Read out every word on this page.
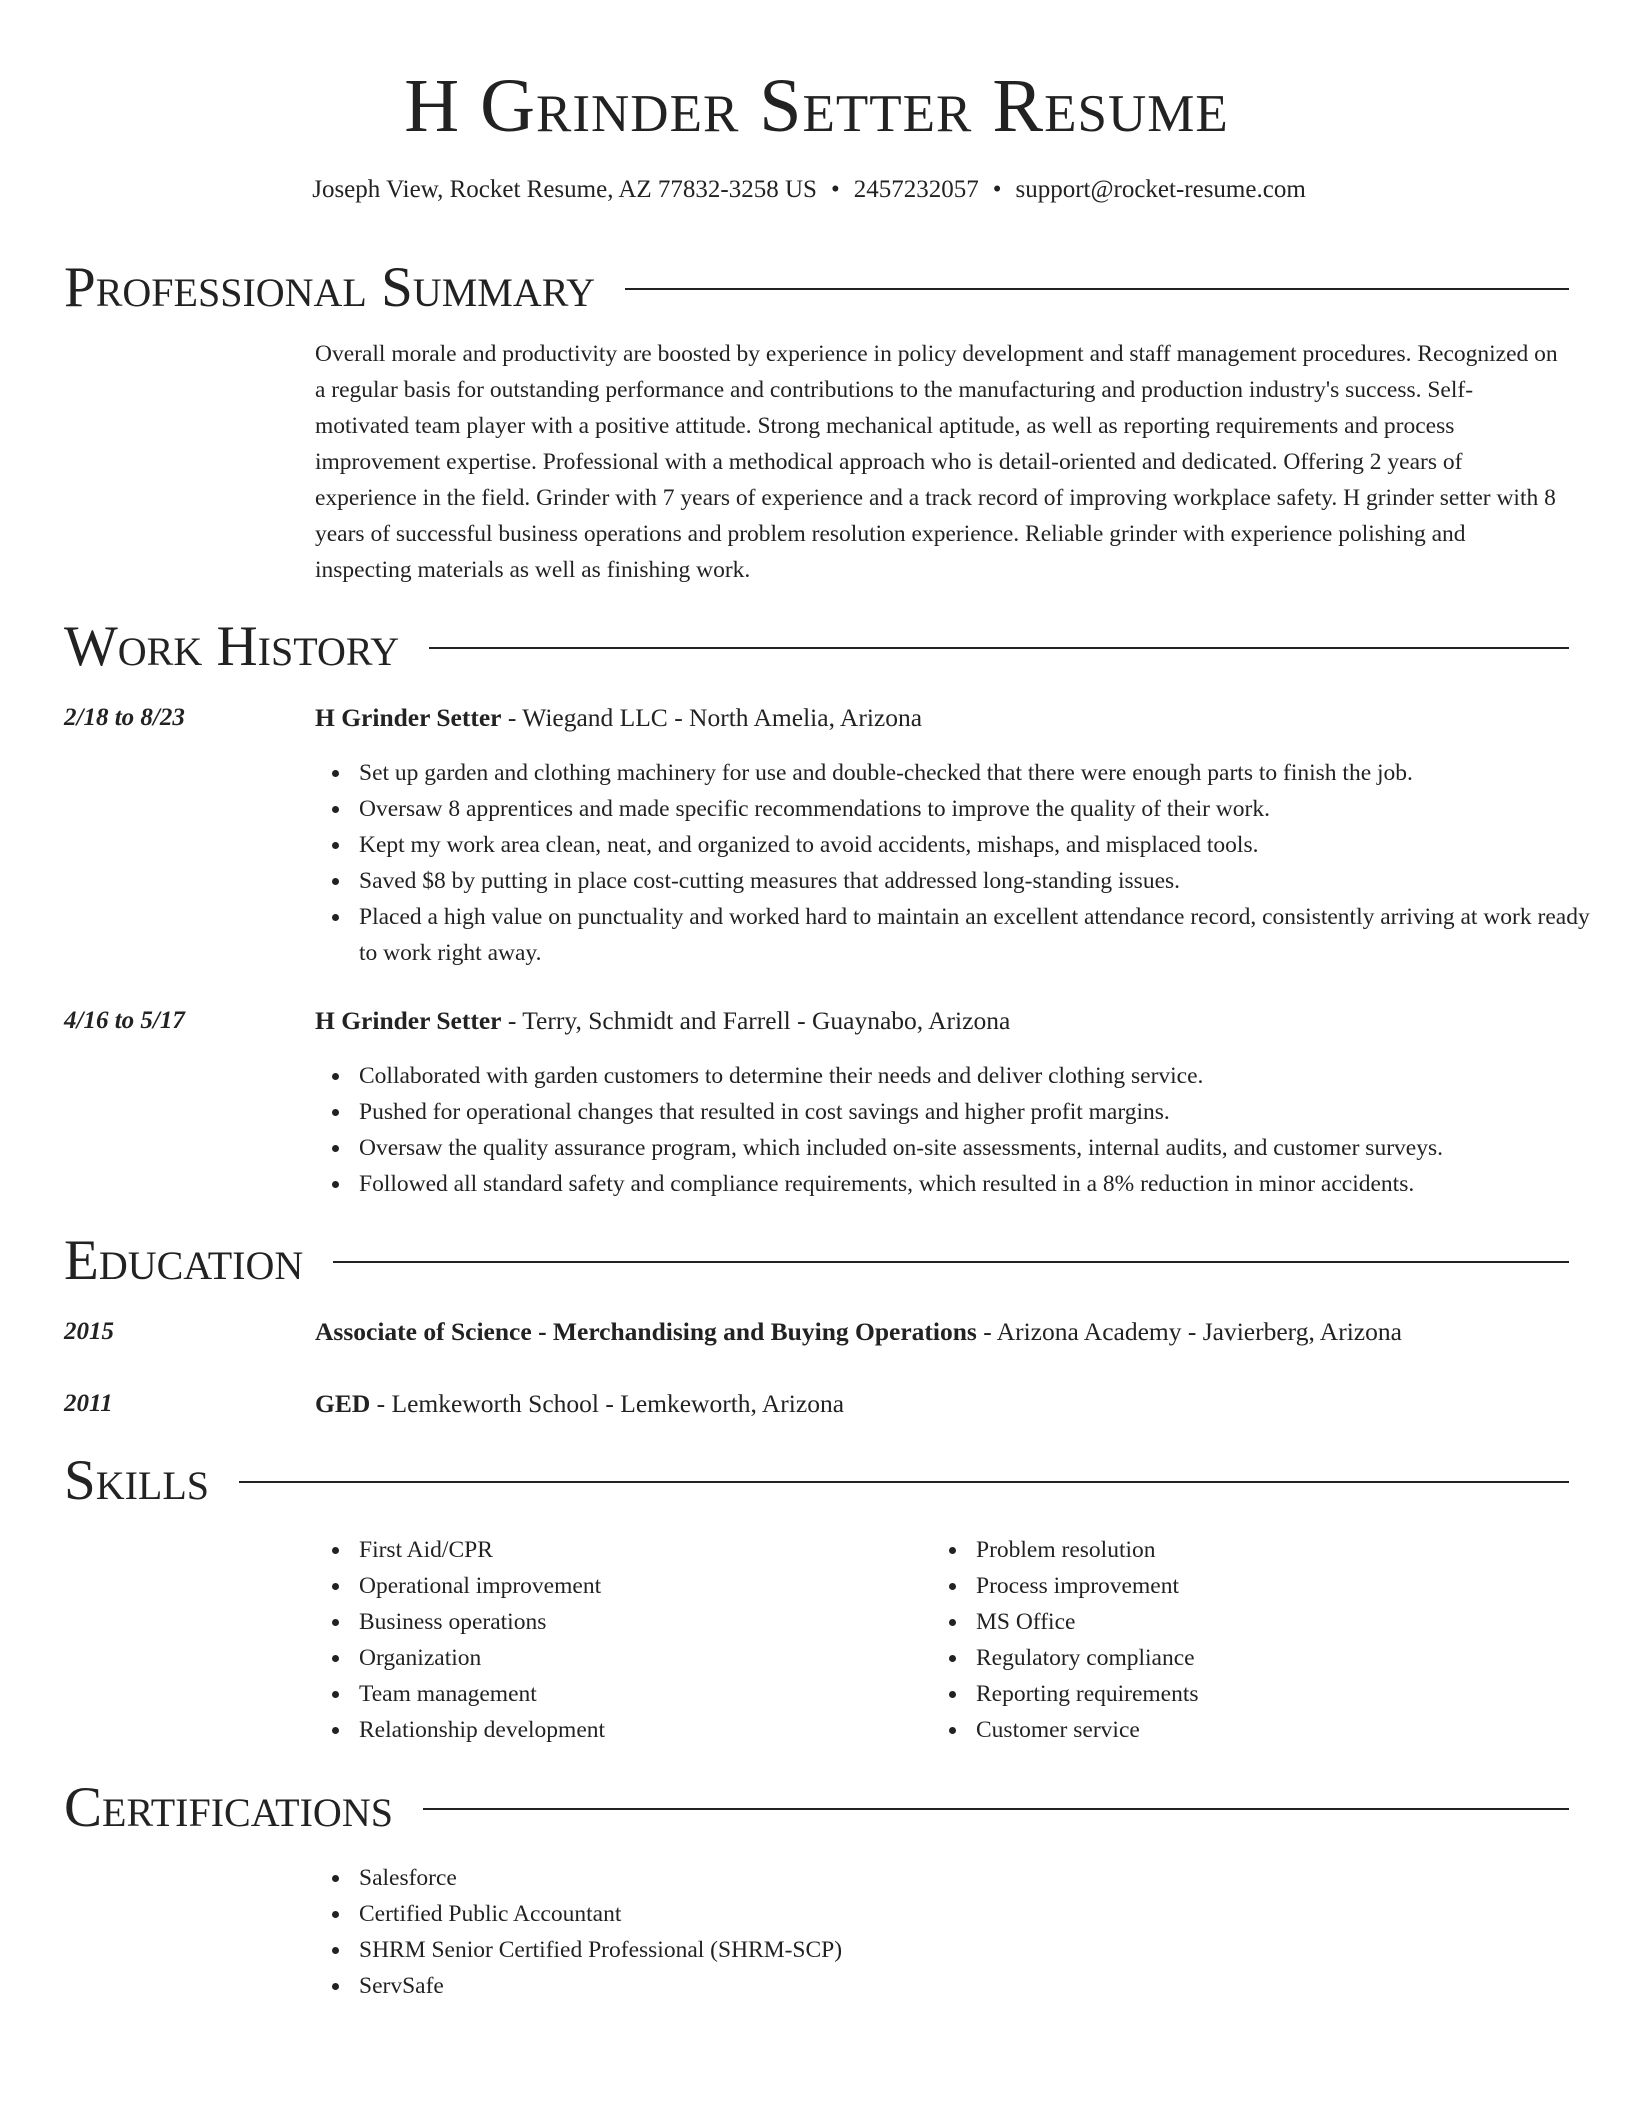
H Grinder Setter Resume
Joseph View, Rocket Resume, AZ 77832-3258 US • 2457232057 • support@rocket-resume.com
Professional Summary
Overall morale and productivity are boosted by experience in policy development and staff management procedures. Recognized on a regular basis for outstanding performance and contributions to the manufacturing and production industry's success. Self-motivated team player with a positive attitude. Strong mechanical aptitude, as well as reporting requirements and process improvement expertise. Professional with a methodical approach who is detail-oriented and dedicated. Offering 2 years of experience in the field. Grinder with 7 years of experience and a track record of improving workplace safety. H grinder setter with 8 years of successful business operations and problem resolution experience. Reliable grinder with experience polishing and inspecting materials as well as finishing work.
Work History
2/18 to 8/23	H Grinder Setter - Wiegand LLC - North Amelia, Arizona
Set up garden and clothing machinery for use and double-checked that there were enough parts to finish the job.
Oversaw 8 apprentices and made specific recommendations to improve the quality of their work.
Kept my work area clean, neat, and organized to avoid accidents, mishaps, and misplaced tools.
Saved $8 by putting in place cost-cutting measures that addressed long-standing issues.
Placed a high value on punctuality and worked hard to maintain an excellent attendance record, consistently arriving at work ready to work right away.
4/16 to 5/17	H Grinder Setter - Terry, Schmidt and Farrell - Guaynabo, Arizona
Collaborated with garden customers to determine their needs and deliver clothing service.
Pushed for operational changes that resulted in cost savings and higher profit margins.
Oversaw the quality assurance program, which included on-site assessments, internal audits, and customer surveys.
Followed all standard safety and compliance requirements, which resulted in a 8% reduction in minor accidents.
Education
2015	Associate of Science - Merchandising and Buying Operations - Arizona Academy - Javierberg, Arizona
2011	GED - Lemkeworth School - Lemkeworth, Arizona
Skills
First Aid/CPR
Operational improvement
Business operations
Organization
Team management
Relationship development
Problem resolution
Process improvement
MS Office
Regulatory compliance
Reporting requirements
Customer service
Certifications
Salesforce
Certified Public Accountant
SHRM Senior Certified Professional (SHRM-SCP)
ServSafe
